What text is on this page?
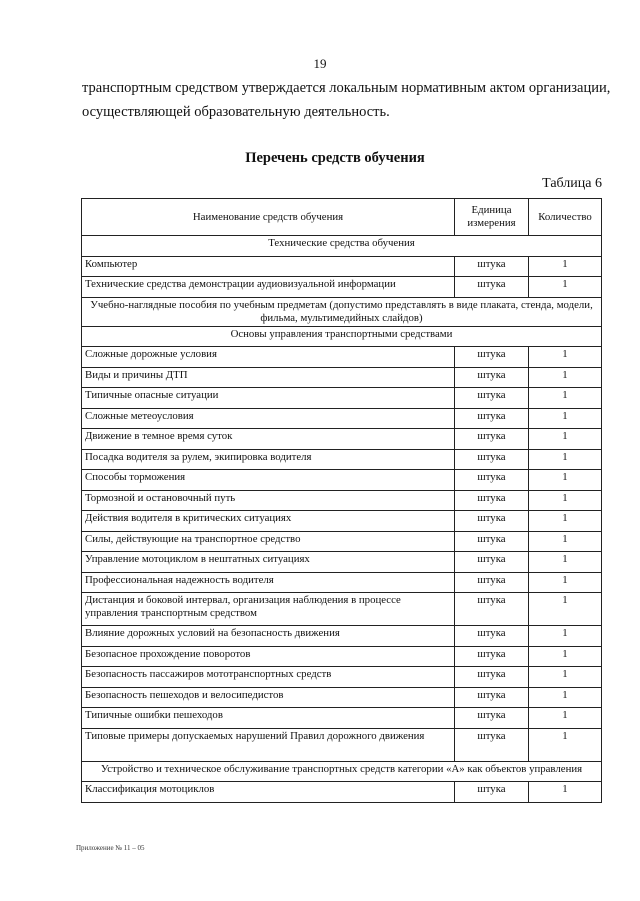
19
транспортным средством утверждается локальным нормативным актом организации,
осуществляющей образовательную деятельность.
Перечень средств обучения
Таблица 6
Наименование средств обучения	Единица измерения	Количество
Технические средства обучения		
Компьютер	штука	1
Технические средства демонстрации аудиовизуальной информации	штука	1
Учебно-наглядные пособия по учебным предметам (допустимо представлять в виде плаката, стенда, модели, фильма, мультимедийных слайдов)		
Основы управления транспортными средствами		
Сложные дорожные условия	штука	1
Виды и причины ДТП	штука	1
Типичные опасные ситуации	штука	1
Сложные метеоусловия	штука	1
Движение в темное время суток	штука	1
Посадка водителя за рулем, экипировка водителя	штука	1
Способы торможения	штука	1
Тормозной и остановочный путь	штука	1
Действия водителя в критических ситуациях	штука	1
Силы, действующие на транспортное средство	штука	1
Управление мотоциклом в нештатных ситуациях	штука	1
Профессиональная надежность водителя	штука	1
Дистанция и боковой интервал, организация наблюдения в процессе управления транспортным средством	штука	1
Влияние дорожных условий на безопасность движения	штука	1
Безопасное прохождение поворотов	штука	1
Безопасность пассажиров мототранспортных средств	штука	1
Безопасность пешеходов и велосипедистов	штука	1
Типичные ошибки пешеходов	штука	1
Типовые примеры допускаемых нарушений Правил дорожного движения	штука	1
Устройство и техническое обслуживание транспортных средств категории «А» как объектов управления		
Классификация мотоциклов	штука	1
Приложение № 11 – 05
